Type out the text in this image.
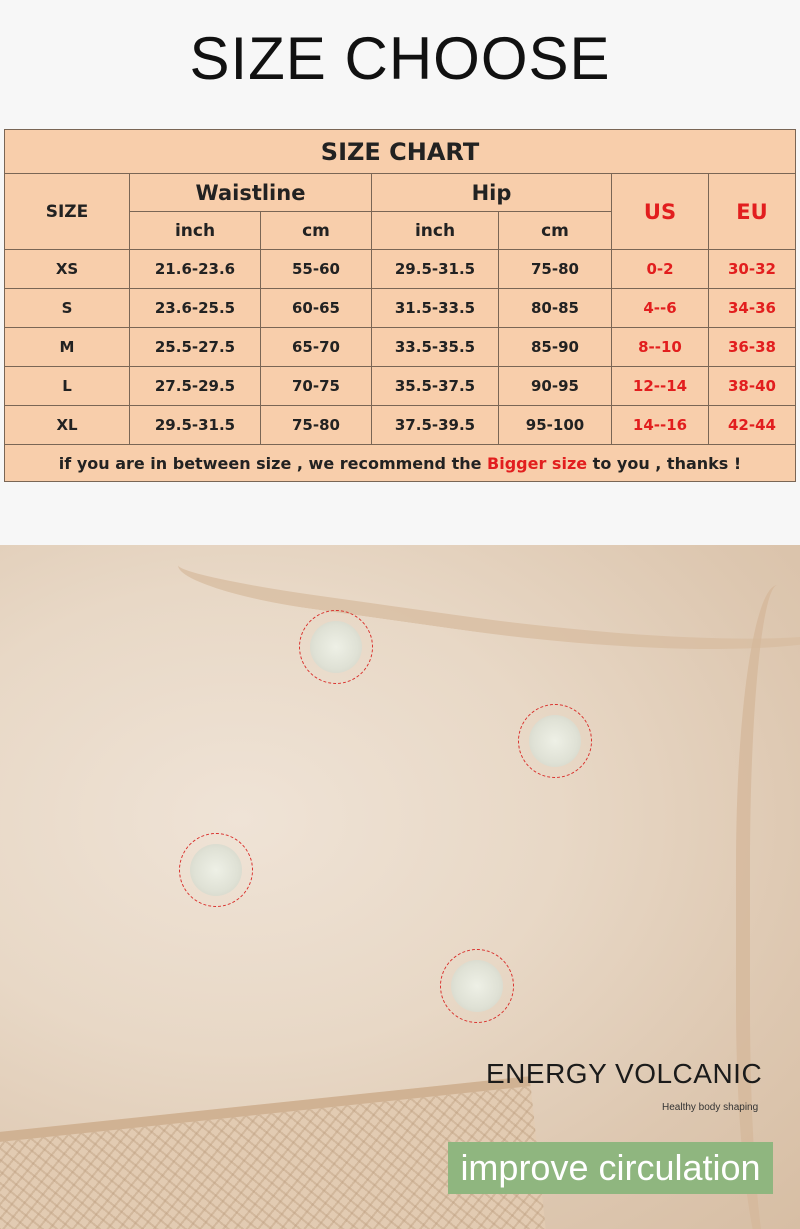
SIZE CHOOSE
SIZE CHART						
SIZE	Waistline		Hip		US	EU
	inch	cm	inch	cm		
XS	21.6-23.6	55-60	29.5-31.5	75-80	0-2	30-32
S	23.6-25.5	60-65	31.5-33.5	80-85	4--6	34-36
M	25.5-27.5	65-70	33.5-35.5	85-90	8--10	36-38
L	27.5-29.5	70-75	35.5-37.5	90-95	12--14	38-40
XL	29.5-31.5	75-80	37.5-39.5	95-100	14--16	42-44
if you are in between size , we recommend the Bigger size to you , thanks !						
ENERGY VOLCANIC
Healthy body shaping
improve circulation
